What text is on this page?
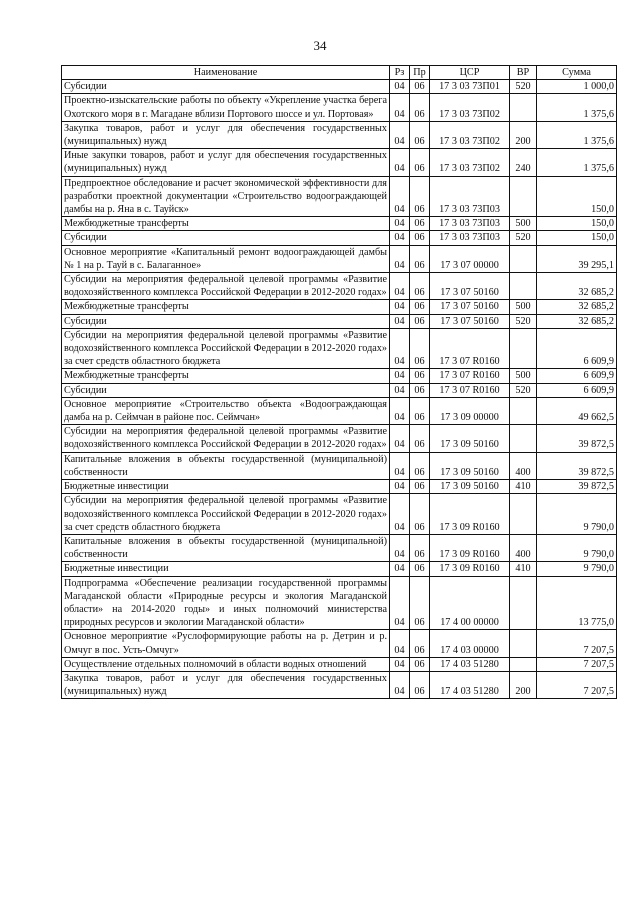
34
Наименование	Рз	Пр	ЦСР	ВР	Сумма
Субсидии	04	06	17 3 03 73П01	520	1 000,0
Проектно-изыскательские работы по объекту «Укрепление участка берега Охотского моря в г. Магадане вблизи Портового шоссе и ул. Портовая»	04	06	17 3 03 73П02		1 375,6
Закупка товаров, работ и услуг для обеспечения государственных (муниципальных) нужд	04	06	17 3 03 73П02	200	1 375,6
Иные закупки товаров, работ и услуг для обеспечения государственных (муниципальных) нужд	04	06	17 3 03 73П02	240	1 375,6
Предпроектное обследование и расчет экономической эффективности для разработки проектной документации «Строительство водоограждающей дамбы на р. Яна в с. Тауйск»	04	06	17 3 03 73П03		150,0
Межбюджетные трансферты	04	06	17 3 03 73П03	500	150,0
Субсидии	04	06	17 3 03 73П03	520	150,0
Основное мероприятие «Капитальный ремонт водоограждающей дамбы № 1 на р. Тауй в с. Балаганное»	04	06	17 3 07 00000		39 295,1
Субсидии на мероприятия федеральной целевой программы «Развитие водохозяйственного комплекса Российской Федерации в 2012-2020 годах»	04	06	17 3 07 50160		32 685,2
Межбюджетные трансферты	04	06	17 3 07 50160	500	32 685,2
Субсидии	04	06	17 3 07 50160	520	32 685,2
Субсидии на мероприятия федеральной целевой программы «Развитие водохозяйственного комплекса Российской Федерации в 2012-2020 годах» за счет средств областного бюджета	04	06	17 3 07 R0160		6 609,9
Межбюджетные трансферты	04	06	17 3 07 R0160	500	6 609,9
Субсидии	04	06	17 3 07 R0160	520	6 609,9
Основное мероприятие «Строительство объекта «Водоограждающая дамба на р. Сеймчан в районе пос. Сеймчан»	04	06	17 3 09 00000		49 662,5
Субсидии на мероприятия федеральной целевой программы «Развитие водохозяйственного комплекса Российской Федерации в 2012-2020 годах»	04	06	17 3 09 50160		39 872,5
Капитальные вложения в объекты государственной (муниципальной) собственности	04	06	17 3 09 50160	400	39 872,5
Бюджетные инвестиции	04	06	17 3 09 50160	410	39 872,5
Субсидии на мероприятия федеральной целевой программы «Развитие водохозяйственного комплекса Российской Федерации в 2012-2020 годах» за счет средств областного бюджета	04	06	17 3 09 R0160		9 790,0
Капитальные вложения в объекты государственной (муниципальной) собственности	04	06	17 3 09 R0160	400	9 790,0
Бюджетные инвестиции	04	06	17 3 09 R0160	410	9 790,0
Подпрограмма «Обеспечение реализации государственной программы Магаданской области «Природные ресурсы и экология Магаданской области» на 2014-2020 годы» и иных полномочий министерства природных ресурсов и экологии Магаданской области»	04	06	17 4 00 00000		13 775,0
Основное мероприятие «Руслоформирующие работы на р. Детрин и р. Омчуг в пос. Усть-Омчуг»	04	06	17 4 03 00000		7 207,5
Осуществление отдельных полномочий в области водных отношений	04	06	17 4 03 51280		7 207,5
Закупка товаров, работ и услуг для обеспечения государственных (муниципальных) нужд	04	06	17 4 03 51280	200	7 207,5
